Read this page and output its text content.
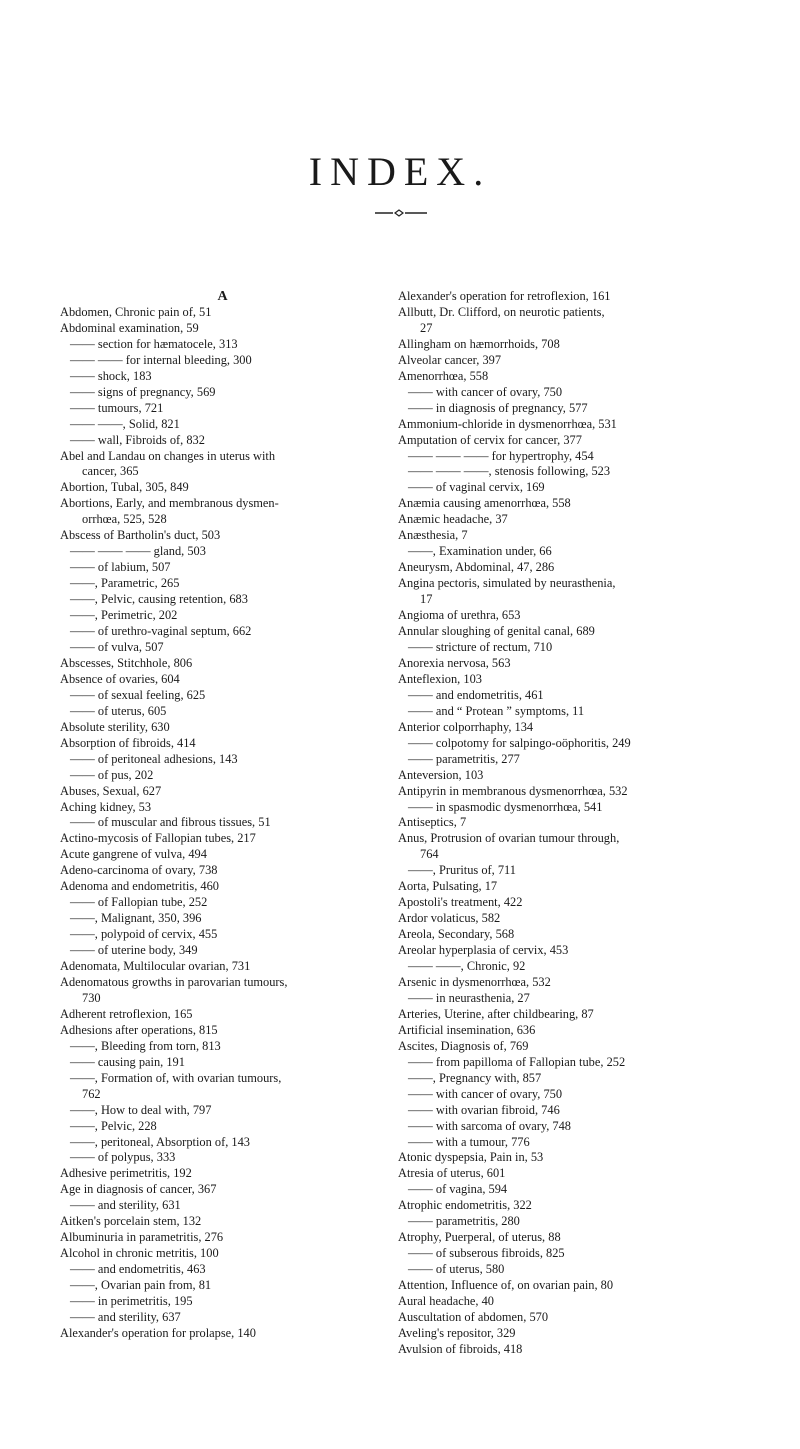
INDEX.

A

Abdomen, Chronic pain of, 51
Abdominal examination, 59
—— section for hæmatocele, 313
—— —— for internal bleeding, 300
—— shock, 183
—— signs of pregnancy, 569
—— tumours, 721
—— —— , Solid, 821
—— wall, Fibroids of, 832
Abel and Landau on changes in uterus with
cancer, 365
Abortion, Tubal, 305, 849
Abortions, Early, and membranous dysmen-
orrhœa, 525, 528
Abscess of Bartholin's duct, 503
—— —— gland, 503
—— of labium, 507
—— , Parametric, 265
—— , Pelvic, causing retention, 683
—— , Perimetric, 202
—— of urethro-vaginal septum, 662
—— of vulva, 507
Abscesses, Stitchhole, 806
Absence of ovaries, 604
—— of sexual feeling, 625
—— of uterus, 605
Absolute sterility, 630
Absorption of fibroids, 414
—— of peritoneal adhesions, 143
—— of pus, 202
Abuses, Sexual, 627
Aching kidney, 53
—— of muscular and fibrous tissues, 51
Actino-mycosis of Fallopian tubes, 217
Acute gangrene of vulva, 494
Adeno-carcinoma of ovary, 738
Adenoma and endometritis, 460
—— of Fallopian tube, 252
—— , Malignant, 350, 396
—— , polypoid of cervix, 455
—— of uterine body, 349
Adenomata, Multilocular ovarian, 731
Adenomatous growths in parovarian tumours,
730
Adherent retroflexion, 165
Adhesions after operations, 815
—— , Bleeding from torn, 813
—— causing pain, 191
—— , Formation of, with ovarian tumours,
762
—— , How to deal with, 797
—— , Pelvic, 228
—— , peritoneal, Absorption of, 143
—— of polypus, 333
Adhesive perimetritis, 192
Age in diagnosis of cancer, 367
—— and sterility, 631
Aitken's porcelain stem, 132
Albuminuria in parametritis, 276
Alcohol in chronic metritis, 100
—— and endometritis, 463
—— , Ovarian pain from, 81
—— in perimetritis, 195
—— and sterility, 637
Alexander's operation for prolapse, 140
Alexander's operation for retroflexion, 161
Allbutt, Dr. Clifford, on neurotic patients,
27
Allingham on hæmorrhoids, 708
Alveolar cancer, 397
Amenorrhœa, 558
—— with cancer of ovary, 750
—— in diagnosis of pregnancy, 577
Ammonium-chloride in dysmenorrhœa, 531
Amputation of cervix for cancer, 377
—— —— for hypertrophy, 454
—— —— —— , stenosis following, 523
—— of vaginal cervix, 169
Anæmia causing amenorrhœa, 558
Anæmic headache, 37
Anæsthesia, 7
—— , Examination under, 66
Aneurysm, Abdominal, 47, 286
Angina pectoris, simulated by neurasthenia,
17
Angioma of urethra, 653
Annular sloughing of genital canal, 689
—— stricture of rectum, 710
Anorexia nervosa, 563
Anteflexion, 103
—— and endometritis, 461
—— and “ Protean ” symptoms, 11
Anterior colporrhaphy, 134
—— colpotomy for salpingo-oöphoritis, 249
—— parametritis, 277
Anteversion, 103
Antipyrin in membranous dysmenorrhœa, 532
—— in spasmodic dysmenorrhœa, 541
Antiseptics, 7
Anus, Protrusion of ovarian tumour through,
764
—— , Pruritus of, 711
Aorta, Pulsating, 17
Apostoli's treatment, 422
Ardor volaticus, 582
Areola, Secondary, 568
Areolar hyperplasia of cervix, 453
—— —— , Chronic, 92
Arsenic in dysmenorrhœa, 532
—— in neurasthenia, 27
Arteries, Uterine, after childbearing, 87
Artificial insemination, 636
Ascites, Diagnosis of, 769
—— from papilloma of Fallopian tube, 252
—— , Pregnancy with, 857
—— with cancer of ovary, 750
—— with ovarian fibroid, 746
—— with sarcoma of ovary, 748
—— with a tumour, 776
Atonic dyspepsia, Pain in, 53
Atresia of uterus, 601
—— of vagina, 594
Atrophic endometritis, 322
—— parametritis, 280
Atrophy, Puerperal, of uterus, 88
—— of subserous fibroids, 825
—— of uterus, 580
Attention, Influence of, on ovarian pain, 80
Aural headache, 40
Auscultation of abdomen, 570
Aveling's repositor, 329
Avulsion of fibroids, 418
